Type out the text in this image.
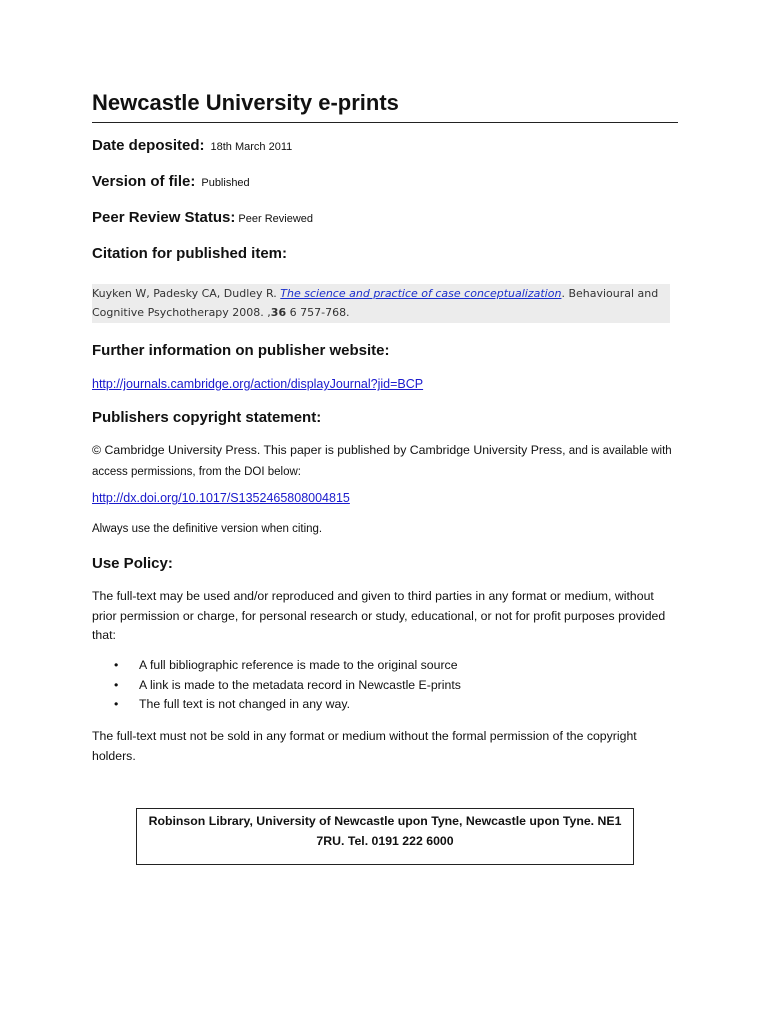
Newcastle University e-prints
Date deposited: 18th March 2011
Version of file: Published
Peer Review Status: Peer Reviewed
Citation for published item:
Kuyken W, Padesky CA, Dudley R. The science and practice of case conceptualization. Behavioural and Cognitive Psychotherapy 2008. ,36 6 757-768.
Further information on publisher website:
http://journals.cambridge.org/action/displayJournal?jid=BCP
Publishers copyright statement:
© Cambridge University Press. This paper is published by Cambridge University Press, and is available with access permissions, from the DOI below:
http://dx.doi.org/10.1017/S1352465808004815
Always use the definitive version when citing.
Use Policy:
The full-text may be used and/or reproduced and given to third parties in any format or medium, without prior permission or charge, for personal research or study, educational, or not for profit purposes provided that:
• A full bibliographic reference is made to the original source
• A link is made to the metadata record in Newcastle E-prints
• The full text is not changed in any way.
The full-text must not be sold in any format or medium without the formal permission of the copyright holders.
Robinson Library, University of Newcastle upon Tyne, Newcastle upon Tyne. NE1
7RU. Tel. 0191 222 6000
